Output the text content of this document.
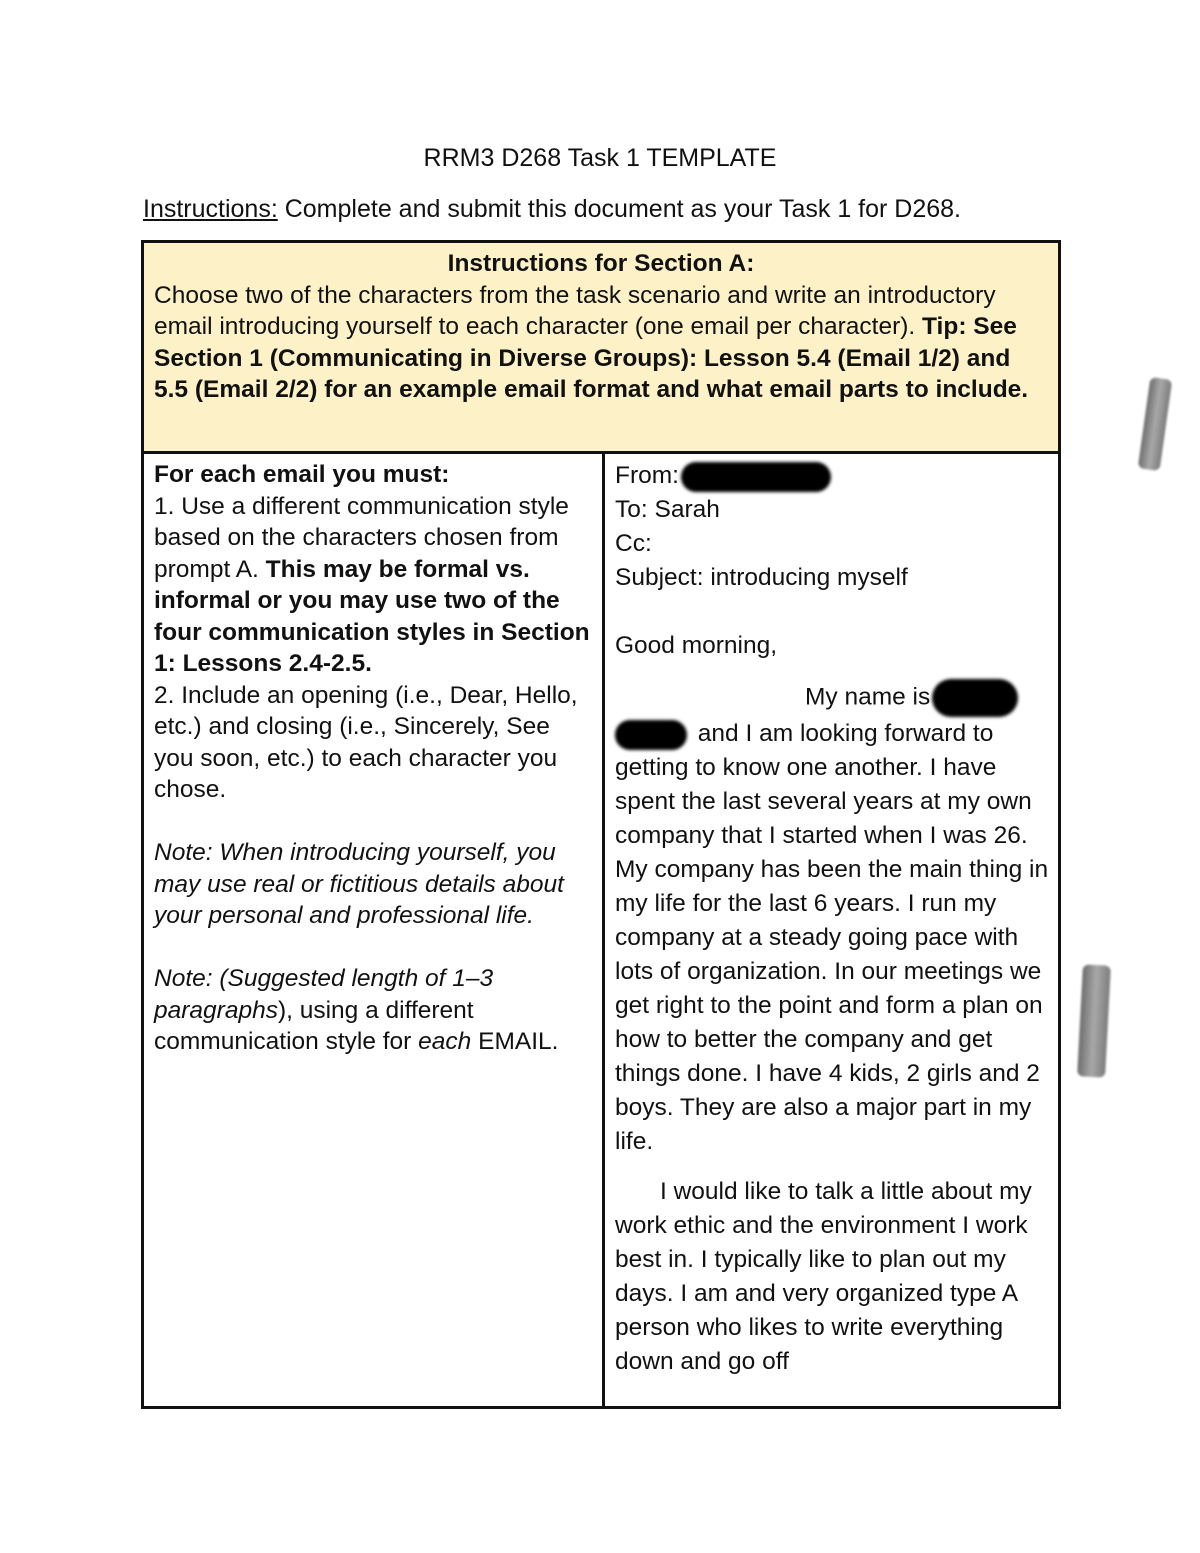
RRM3 D268 Task 1 TEMPLATE
Instructions: Complete and submit this document as your Task 1 for D268.
Instructions for Section A:
Choose two of the characters from the task scenario and write an introductory email introducing yourself to each character (one email per character). Tip: See Section 1 (Communicating in Diverse Groups): Lesson 5.4 (Email 1/2) and 5.5 (Email 2/2) for an example email format and what email parts to include.
For each email you must:
1. Use a different communication style based on the characters chosen from prompt A. This may be formal vs. informal or you may use two of the four communication styles in Section 1: Lessons 2.4-2.5.
2. Include an opening (i.e., Dear, Hello, etc.) and closing (i.e., Sincerely, See you soon, etc.) to each character you chose.
Note: When introducing yourself, you may use real or fictitious details about your personal and professional life.
Note: (Suggested length of 1–3 paragraphs), using a different communication style for each EMAIL.
From:
To: Sarah
Cc:
Subject: introducing myself
Good morning,
My name is
and I am looking forward to getting to know one another. I have spent the last several years at my own company that I started when I was 26. My company has been the main thing in my life for the last 6 years. I run my company at a steady going pace with lots of organization. In our meetings we get right to the point and form a plan on how to better the company and get things done. I have 4 kids, 2 girls and 2 boys. They are also a major part in my life.
I would like to talk a little about my work ethic and the environment I work best in. I typically like to plan out my days. I am and very organized type A person who likes to write everything down and go off
